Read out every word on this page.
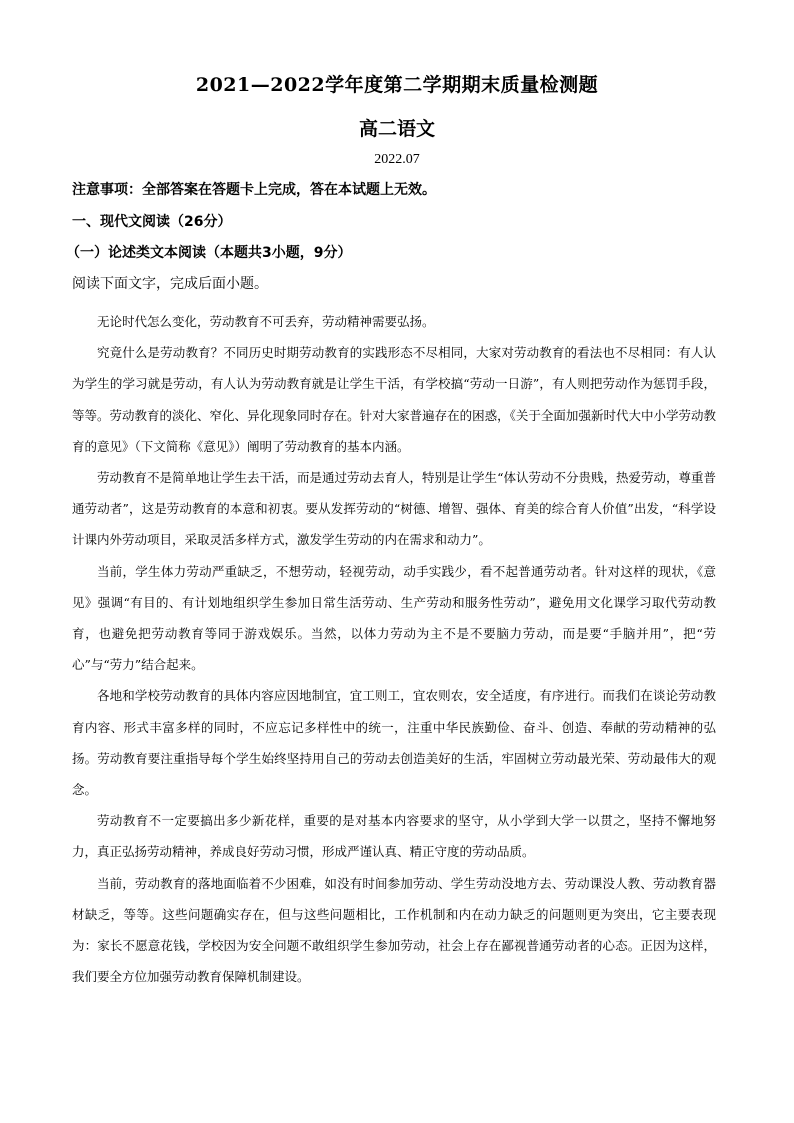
2021—2022学年度第二学期期末质量检测题
高二语文
2022.07
注意事项：全部答案在答题卡上完成，答在本试题上无效。
一、现代文阅读（26分）
（一）论述类文本阅读（本题共3小题，9分）
阅读下面文字，完成后面小题。

无论时代怎么变化，劳动教育不可丢弃，劳动精神需要弘扬。

究竟什么是劳动教育？不同历史时期劳动教育的实践形态不尽相同，大家对劳动教育的看法也不尽相同：有人认为学生的学习就是劳动，有人认为劳动教育就是让学生干活，有学校搞“劳动一日游”，有人则把劳动作为惩罚手段，等等。劳动教育的淡化、窄化、异化现象同时存在。针对大家普遍存在的困惑，《关于全面加强新时代大中小学劳动教育的意见》（下文简称《意见》）阐明了劳动教育的基本内涵。

劳动教育不是简单地让学生去干活，而是通过劳动去育人，特别是让学生“体认劳动不分贵贱，热爱劳动，尊重普通劳动者”，这是劳动教育的本意和初衷。要从发挥劳动的“树德、增智、强体、育美的综合育人价值”出发，“科学设计课内外劳动项目，采取灵活多样方式，激发学生劳动的内在需求和动力”。

当前，学生体力劳动严重缺乏，不想劳动，轻视劳动，动手实践少，看不起普通劳动者。针对这样的现状，《意见》强调“有目的、有计划地组织学生参加日常生活劳动、生产劳动和服务性劳动”，避免用文化课学习取代劳动教育，也避免把劳动教育等同于游戏娱乐。当然，以体力劳动为主不是不要脑力劳动，而是要“手脑并用”，把“劳心”与“劳力”结合起来。

各地和学校劳动教育的具体内容应因地制宜，宜工则工，宜农则农，安全适度，有序进行。而我们在谈论劳动教育内容、形式丰富多样的同时，不应忘记多样性中的统一，注重中华民族勤俭、奋斗、创造、奉献的劳动精神的弘扬。劳动教育要注重指导每个学生始终坚持用自己的劳动去创造美好的生活，牢固树立劳动最光荣、劳动最伟大的观念。

劳动教育不一定要搞出多少新花样，重要的是对基本内容要求的坚守，从小学到大学一以贯之，坚持不懈地努力，真正弘扬劳动精神，养成良好劳动习惯，形成严谨认真、精正守度的劳动品质。

当前，劳动教育的落地面临着不少困难，如没有时间参加劳动、学生劳动没地方去、劳动课没人教、劳动教育器材缺乏，等等。这些问题确实存在，但与这些问题相比，工作机制和内在动力缺乏的问题则更为突出，它主要表现为：家长不愿意花钱，学校因为安全问题不敢组织学生参加劳动，社会上存在鄙视普通劳动者的心态。正因为这样，我们要全方位加强劳动教育保障机制建设。
